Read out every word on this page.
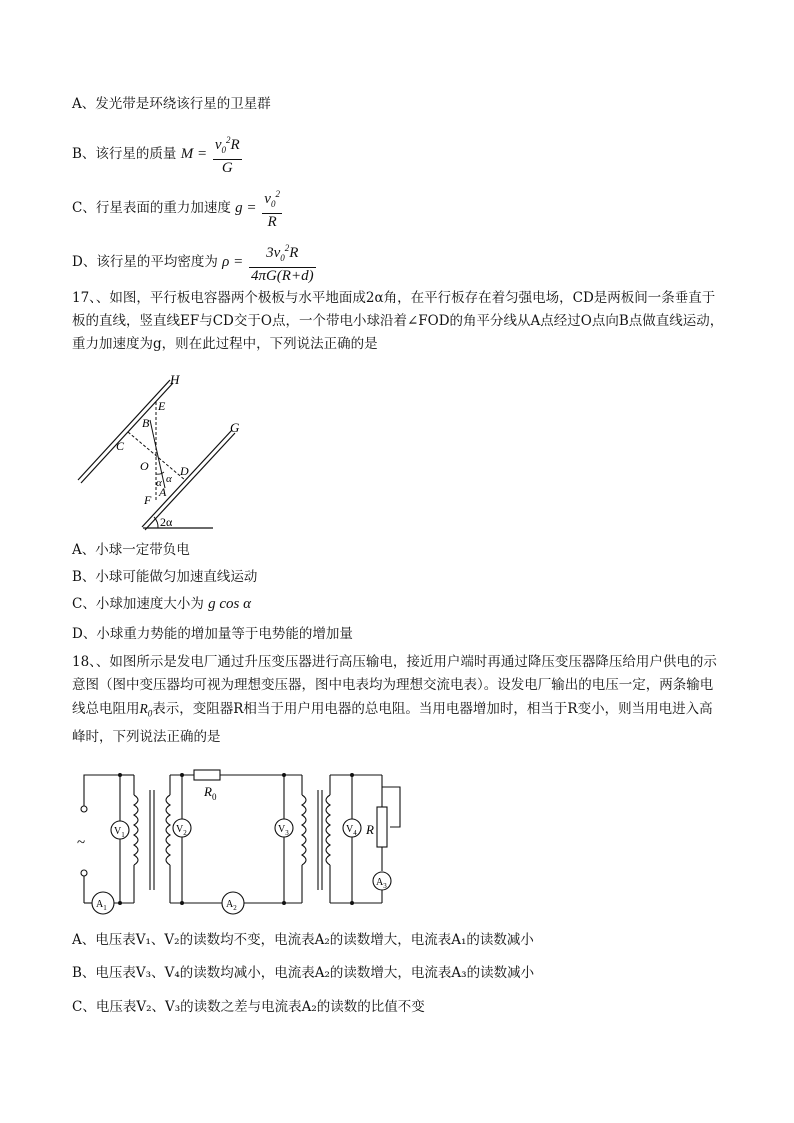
A、发光带是环绕该行星的卫星群
B、该行星的质量 $M = \frac{v_0^2R}{G}$
C、行星表面的重力加速度 $g = \frac{v_0^2}{R}$
D、该行星的平均密度为 $\rho = \frac{3v_0^2R}{4\pi G(R+d)}$
17、、如图，平行板电容器两个极板与水平地面成2α角，在平行板存在着匀强电场，CD是两板间一条垂直于板的直线，竖直线EF与CD交于O点，一个带电小球沿着∠FOD的角平分线从A点经过O点向B点做直线运动，重力加速度为g，则在此过程中，下列说法正确的是
H
G
E
B
C
O	D
F
A
α α
2α
A、小球一定带负电
B、小球可能做匀加速直线运动
C、小球加速度大小为 g cos α
D、小球重力势能的增加量等于电势能的增加量
18、、如图所示是发电厂通过升压变压器进行高压输电，接近用户端时再通过降压变压器降压给用户供电的示意图（图中变压器均可视为理想变压器，图中电表均为理想交流电表）。设发电厂输出的电压一定，两条输电线总电阻用$R_0$表示，变阻器R相当于用户用电器的总电阻。当用电器增加时，相当于R变小，则当用电进入高峰时，下列说法正确的是
~
$V_1$	$V_2$	$V_3$	$V_4$
$A_3$
$A_1$	$A_2$
$R_0$
R
A、电压表V₁、V₂的读数均不变，电流表A₂的读数增大，电流表A₁的读数减小
B、电压表V₃、V₄的读数均减小，电流表A₂的读数增大，电流表A₃的读数减小
C、电压表V₂、V₃的读数之差与电流表A₂的读数的比值不变
